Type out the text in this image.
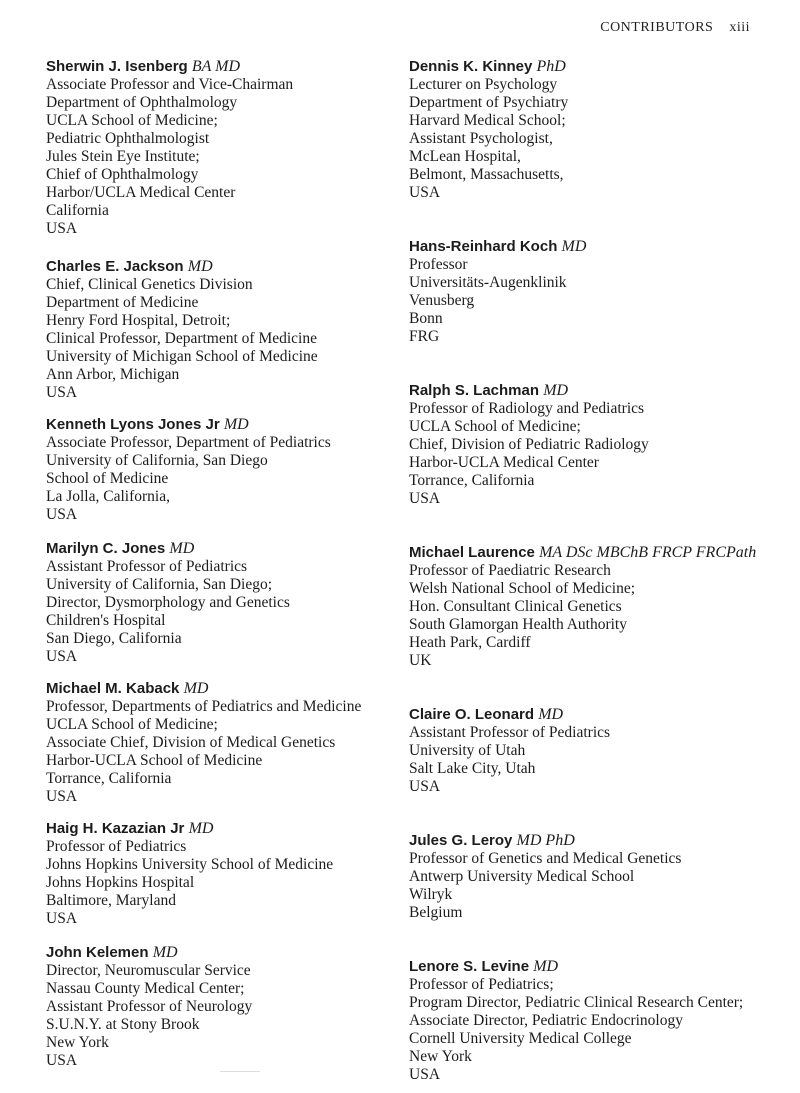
CONTRIBUTORS xiii
Sherwin J. Isenberg BA MD
Associate Professor and Vice-Chairman
Department of Ophthalmology
UCLA School of Medicine;
Pediatric Ophthalmologist
Jules Stein Eye Institute;
Chief of Ophthalmology
Harbor/UCLA Medical Center
California
USA
Charles E. Jackson MD
Chief, Clinical Genetics Division
Department of Medicine
Henry Ford Hospital, Detroit;
Clinical Professor, Department of Medicine
University of Michigan School of Medicine
Ann Arbor, Michigan
USA
Kenneth Lyons Jones Jr MD
Associate Professor, Department of Pediatrics
University of California, San Diego
School of Medicine
La Jolla, California,
USA
Marilyn C. Jones MD
Assistant Professor of Pediatrics
University of California, San Diego;
Director, Dysmorphology and Genetics
Children's Hospital
San Diego, California
USA
Michael M. Kaback MD
Professor, Departments of Pediatrics and Medicine
UCLA School of Medicine;
Associate Chief, Division of Medical Genetics
Harbor-UCLA School of Medicine
Torrance, California
USA
Haig H. Kazazian Jr MD
Professor of Pediatrics
Johns Hopkins University School of Medicine
Johns Hopkins Hospital
Baltimore, Maryland
USA
John Kelemen MD
Director, Neuromuscular Service
Nassau County Medical Center;
Assistant Professor of Neurology
S.U.N.Y. at Stony Brook
New York
USA
Dennis K. Kinney PhD
Lecturer on Psychology
Department of Psychiatry
Harvard Medical School;
Assistant Psychologist,
McLean Hospital,
Belmont, Massachusetts,
USA
Hans-Reinhard Koch MD
Professor
Universitäts-Augenklinik
Venusberg
Bonn
FRG
Ralph S. Lachman MD
Professor of Radiology and Pediatrics
UCLA School of Medicine;
Chief, Division of Pediatric Radiology
Harbor-UCLA Medical Center
Torrance, California
USA
Michael Laurence MA DSc MBChB FRCP FRCPath
Professor of Paediatric Research
Welsh National School of Medicine;
Hon. Consultant Clinical Genetics
South Glamorgan Health Authority
Heath Park, Cardiff
UK
Claire O. Leonard MD
Assistant Professor of Pediatrics
University of Utah
Salt Lake City, Utah
USA
Jules G. Leroy MD PhD
Professor of Genetics and Medical Genetics
Antwerp University Medical School
Wilryk
Belgium
Lenore S. Levine MD
Professor of Pediatrics;
Program Director, Pediatric Clinical Research Center;
Associate Director, Pediatric Endocrinology
Cornell University Medical College
New York
USA
